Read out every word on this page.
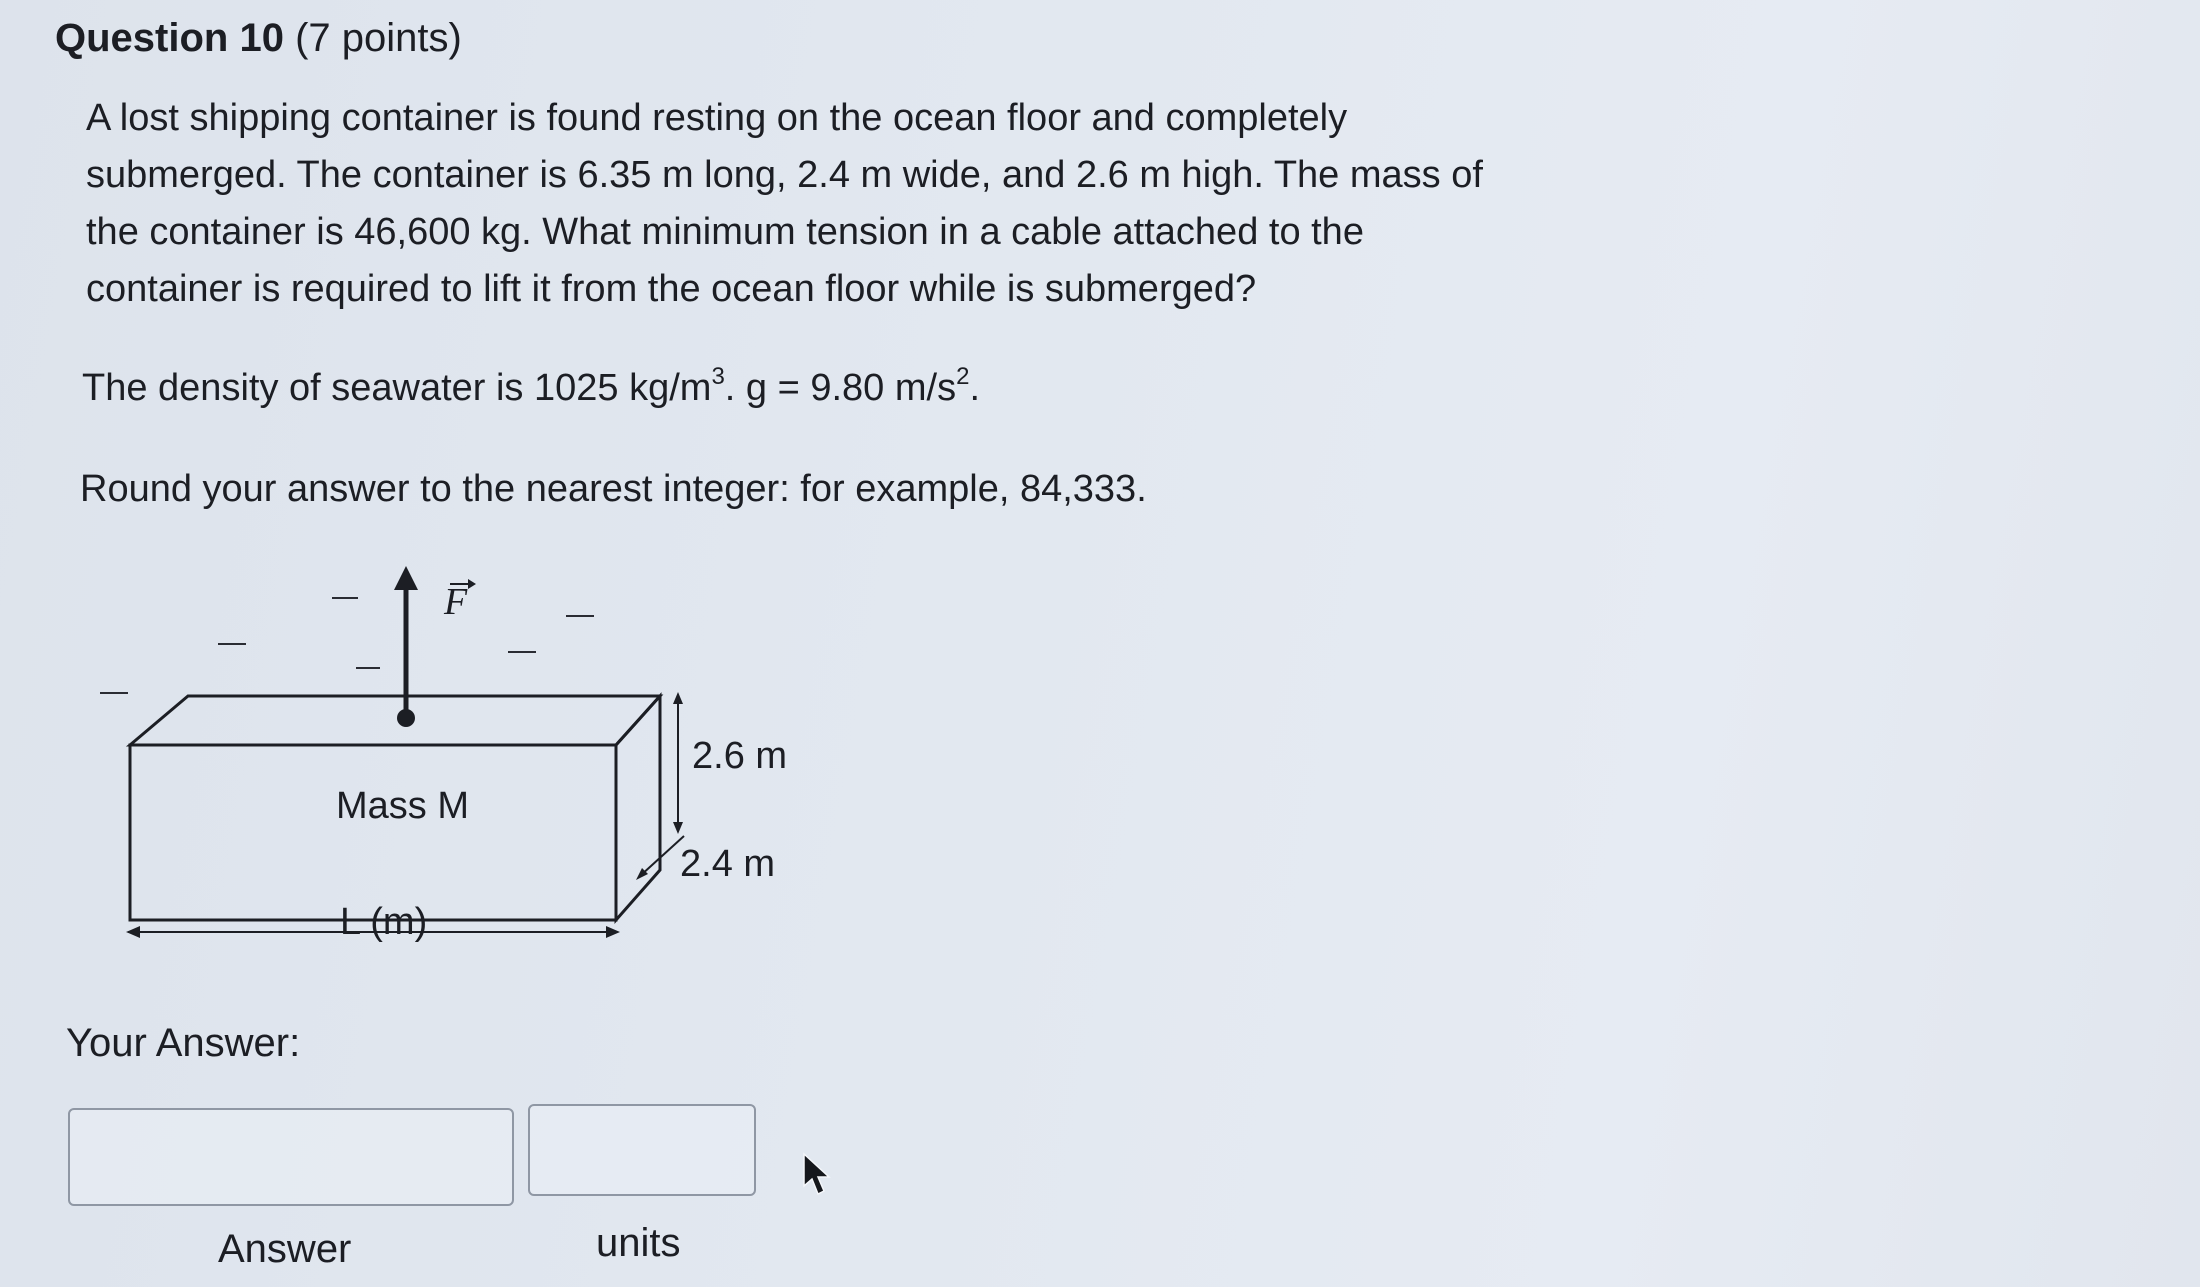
Question 10 (7 points)
A lost shipping container is found resting on the ocean floor and completely
submerged. The container is 6.35 m long, 2.4 m wide, and 2.6 m high. The mass of
the container is 46,600 kg. What minimum tension in a cable attached to the
container is required to lift it from the ocean floor while is submerged?
The density of seawater is 1025 $kg/m^3$. g = 9.80 $m/s^2$.
Round your answer to the nearest integer: for example, 84,333.
F
Mass M
2.6 m
2.4 m
L (m)
Your Answer:
Answer	units
